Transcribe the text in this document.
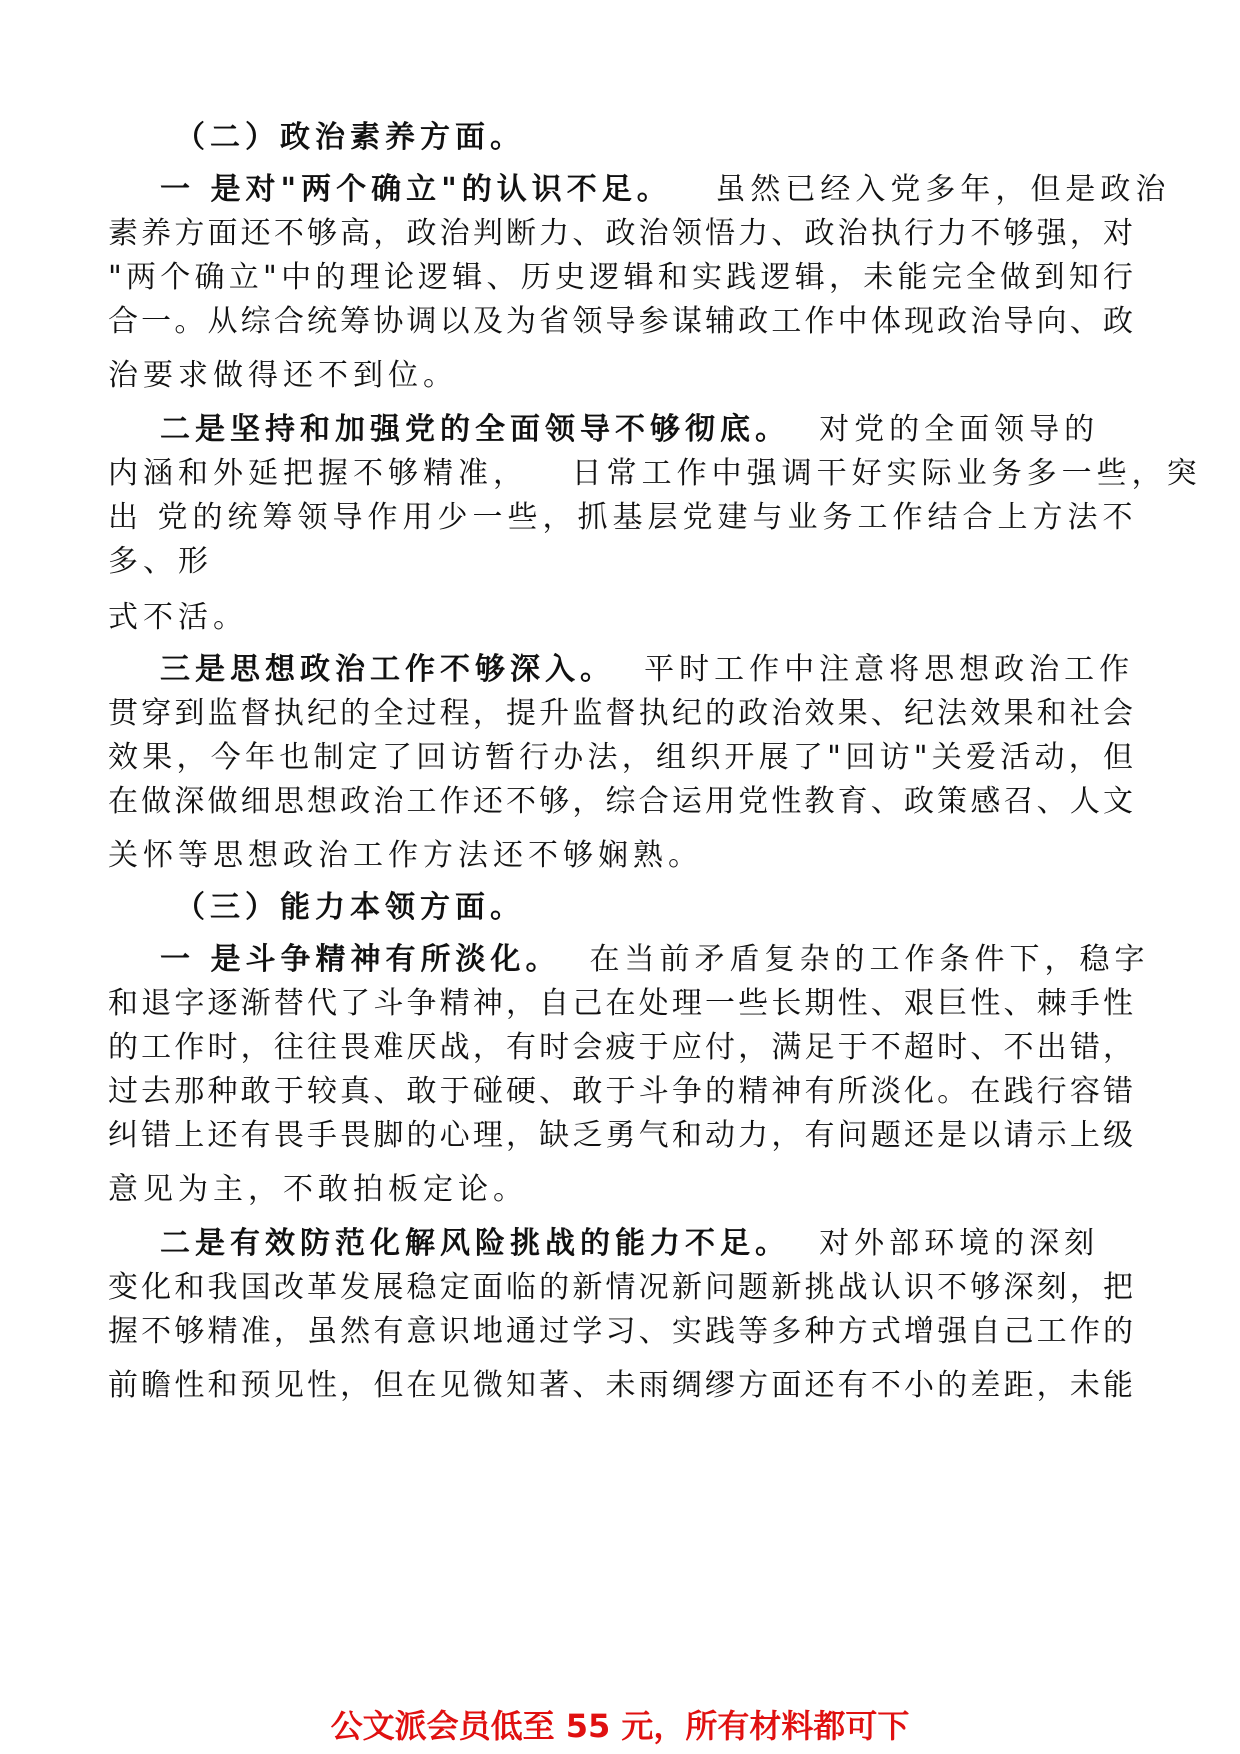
（二）政治素养方面。
一 是对"两个确立"的认识不足。 虽然已经入党多年，但是政治
素养方面还不够高，政治判断力、政治领悟力、政治执行力不够强，对
"两个确立"中的理论逻辑、历史逻辑和实践逻辑，未能完全做到知行
合一。从综合统筹协调以及为省领导参谋辅政工作中体现政治导向、政
治要求做得还不到位。
二是坚持和加强党的全面领导不够彻底。 对党的全面领导的
内涵和外延把握不够精准，   日常工作中强调干好实际业务多一些，突
出 党的统筹领导作用少一些，抓基层党建与业务工作结合上方法不
多、形
式不活。
三是思想政治工作不够深入。 平时工作中注意将思想政治工作
贯穿到监督执纪的全过程，提升监督执纪的政治效果、纪法效果和社会
效果，今年也制定了回访暂行办法，组织开展了"回访"关爱活动，但
在做深做细思想政治工作还不够，综合运用党性教育、政策感召、人文
关怀等思想政治工作方法还不够娴熟。
（三）能力本领方面。
一 是斗争精神有所淡化。 在当前矛盾复杂的工作条件下，稳字
和退字逐渐替代了斗争精神，自己在处理一些长期性、艰巨性、棘手性
的工作时，往往畏难厌战，有时会疲于应付，满足于不超时、不出错，
过去那种敢于较真、敢于碰硬、敢于斗争的精神有所淡化。在践行容错
纠错上还有畏手畏脚的心理，缺乏勇气和动力，有问题还是以请示上级
意见为主，不敢拍板定论。
二是有效防范化解风险挑战的能力不足。 对外部环境的深刻
变化和我国改革发展稳定面临的新情况新问题新挑战认识不够深刻，把
握不够精准，虽然有意识地通过学习、实践等多种方式增强自己工作的
前瞻性和预见性，但在见微知著、未雨绸缪方面还有不小的差距，未能
公文派会员低至 55 元，所有材料都可下
